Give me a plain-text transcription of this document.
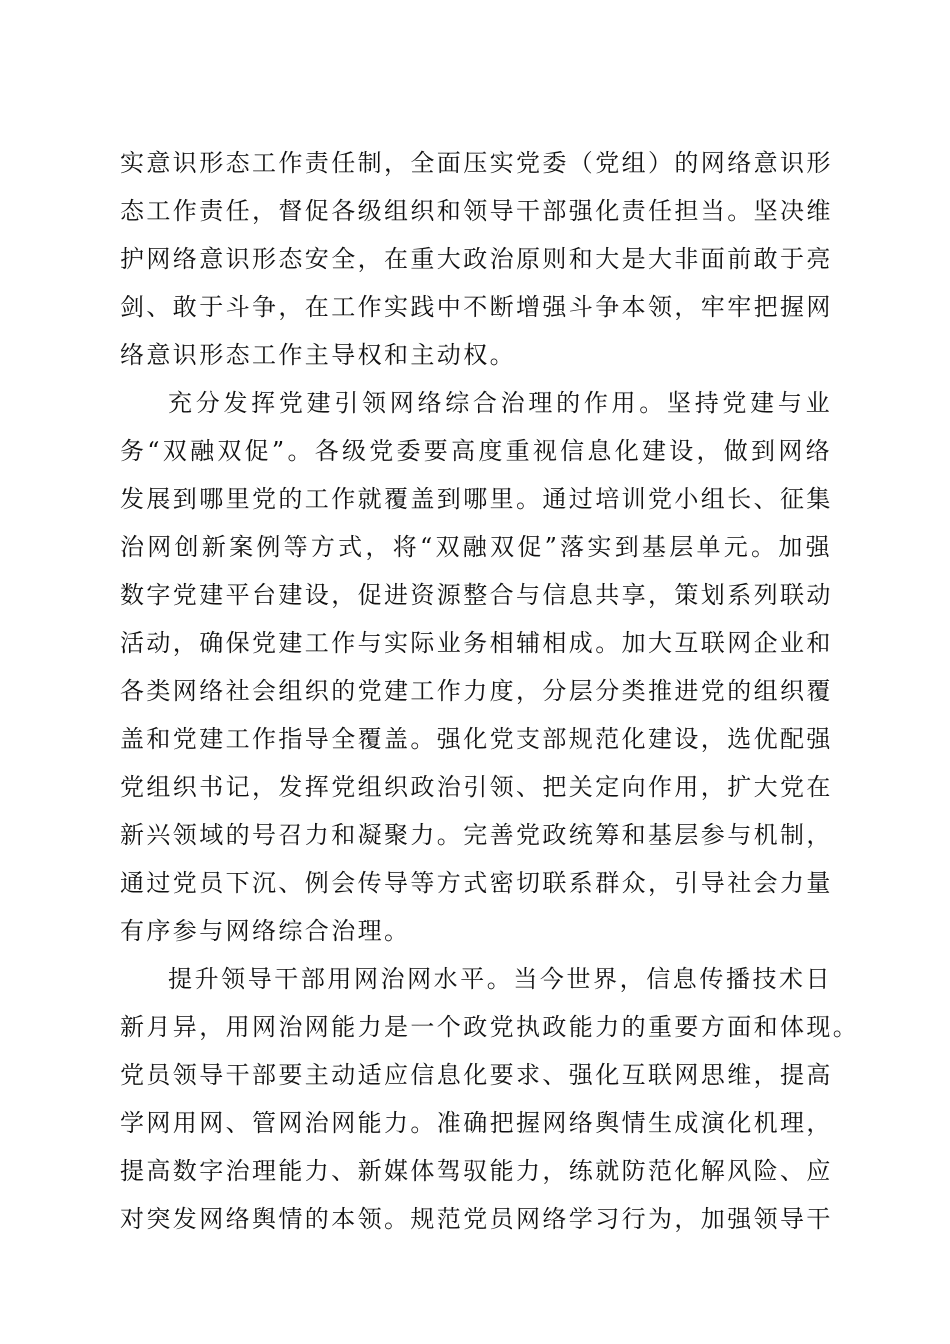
实意识形态工作责任制，全面压实党委（党组）的网络意识形
态工作责任，督促各级组织和领导干部强化责任担当。坚决维
护网络意识形态安全，在重大政治原则和大是大非面前敢于亮
剑、敢于斗争，在工作实践中不断增强斗争本领，牢牢把握网
络意识形态工作主导权和主动权。
充分发挥党建引领网络综合治理的作用。坚持党建与业
务“双融双促”。各级党委要高度重视信息化建设，做到网络
发展到哪里党的工作就覆盖到哪里。通过培训党小组长、征集
治网创新案例等方式，将“双融双促”落实到基层单元。加强
数字党建平台建设，促进资源整合与信息共享，策划系列联动
活动，确保党建工作与实际业务相辅相成。加大互联网企业和
各类网络社会组织的党建工作力度，分层分类推进党的组织覆
盖和党建工作指导全覆盖。强化党支部规范化建设，选优配强
党组织书记，发挥党组织政治引领、把关定向作用，扩大党在
新兴领域的号召力和凝聚力。完善党政统筹和基层参与机制，
通过党员下沉、例会传导等方式密切联系群众，引导社会力量
有序参与网络综合治理。
提升领导干部用网治网水平。当今世界，信息传播技术日
新月异，用网治网能力是一个政党执政能力的重要方面和体现。
党员领导干部要主动适应信息化要求、强化互联网思维，提高
学网用网、管网治网能力。准确把握网络舆情生成演化机理，
提高数字治理能力、新媒体驾驭能力，练就防范化解风险、应
对突发网络舆情的本领。规范党员网络学习行为，加强领导干
